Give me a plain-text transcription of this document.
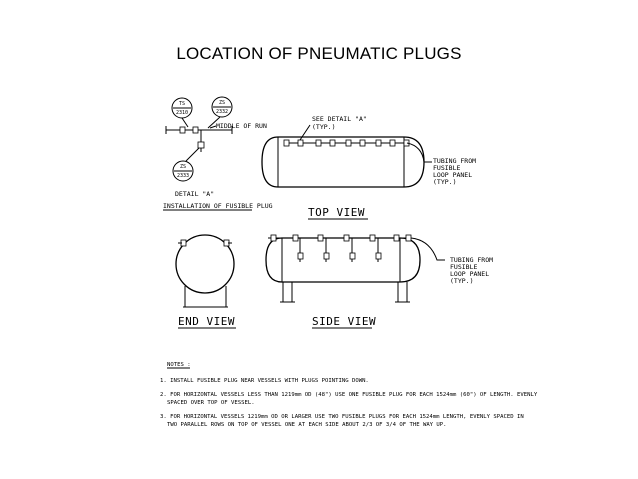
LOCATION OF PNEUMATIC PLUGS
TS
2310
ZS
2332
ZS
2333
MIDDLE OF RUN
DETAIL "A"
INSTALLATION OF FUSIBLE PLUG
SEE DETAIL "A"
(TYP.)
TUBING FROM
FUSIBLE
LOOP PANEL
(TYP.)
TOP VIEW
END VIEW
TUBING FROM
FUSIBLE
LOOP PANEL
(TYP.)
SIDE VIEW
NOTES :
1. INSTALL FUSIBLE PLUG NEAR VESSELS WITH PLUGS POINTING DOWN.
2. FOR HORIZONTAL VESSELS LESS THAN 1219mm OD (48") USE ONE FUSIBLE PLUG FOR EACH 1524mm (60") OF LENGTH. EVENLY
SPACED OVER TOP OF VESSEL.
3. FOR HORIZONTAL VESSELS 1219mm OD OR LARGER USE TWO FUSIBLE PLUGS FOR EACH 1524mm LENGTH, EVENLY SPACED IN
TWO PARALLEL ROWS ON TOP OF VESSEL ONE AT EACH SIDE ABOUT 2/3 OF 3/4 OF THE WAY UP.
